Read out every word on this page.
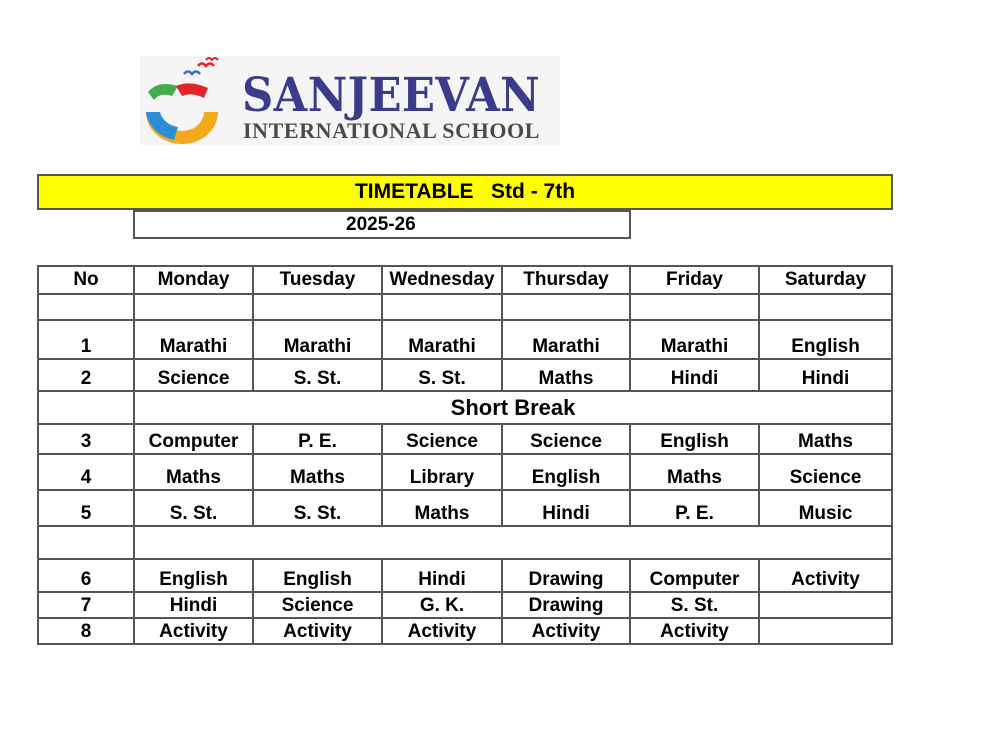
SANJEEVAN
INTERNATIONAL SCHOOL
TIMETABLE   Std - 7th
2025-26
No	Monday	Tuesday	Wednesday	Thursday	Friday	Saturday

1	Marathi	Marathi	Marathi	Marathi	Marathi	English
2	Science	S. St.	S. St.	Maths	Hindi	Hindi
	Short Break					
3	Computer	P. E.	Science	Science	English	Maths
4	Maths	Maths	Library	English	Maths	Science
5	S. St.	S. St.	Maths	Hindi	P. E.	Music

6	English	English	Hindi	Drawing	Computer	Activity
7	Hindi	Science	G. K.	Drawing	S. St.	
8	Activity	Activity	Activity	Activity	Activity	
